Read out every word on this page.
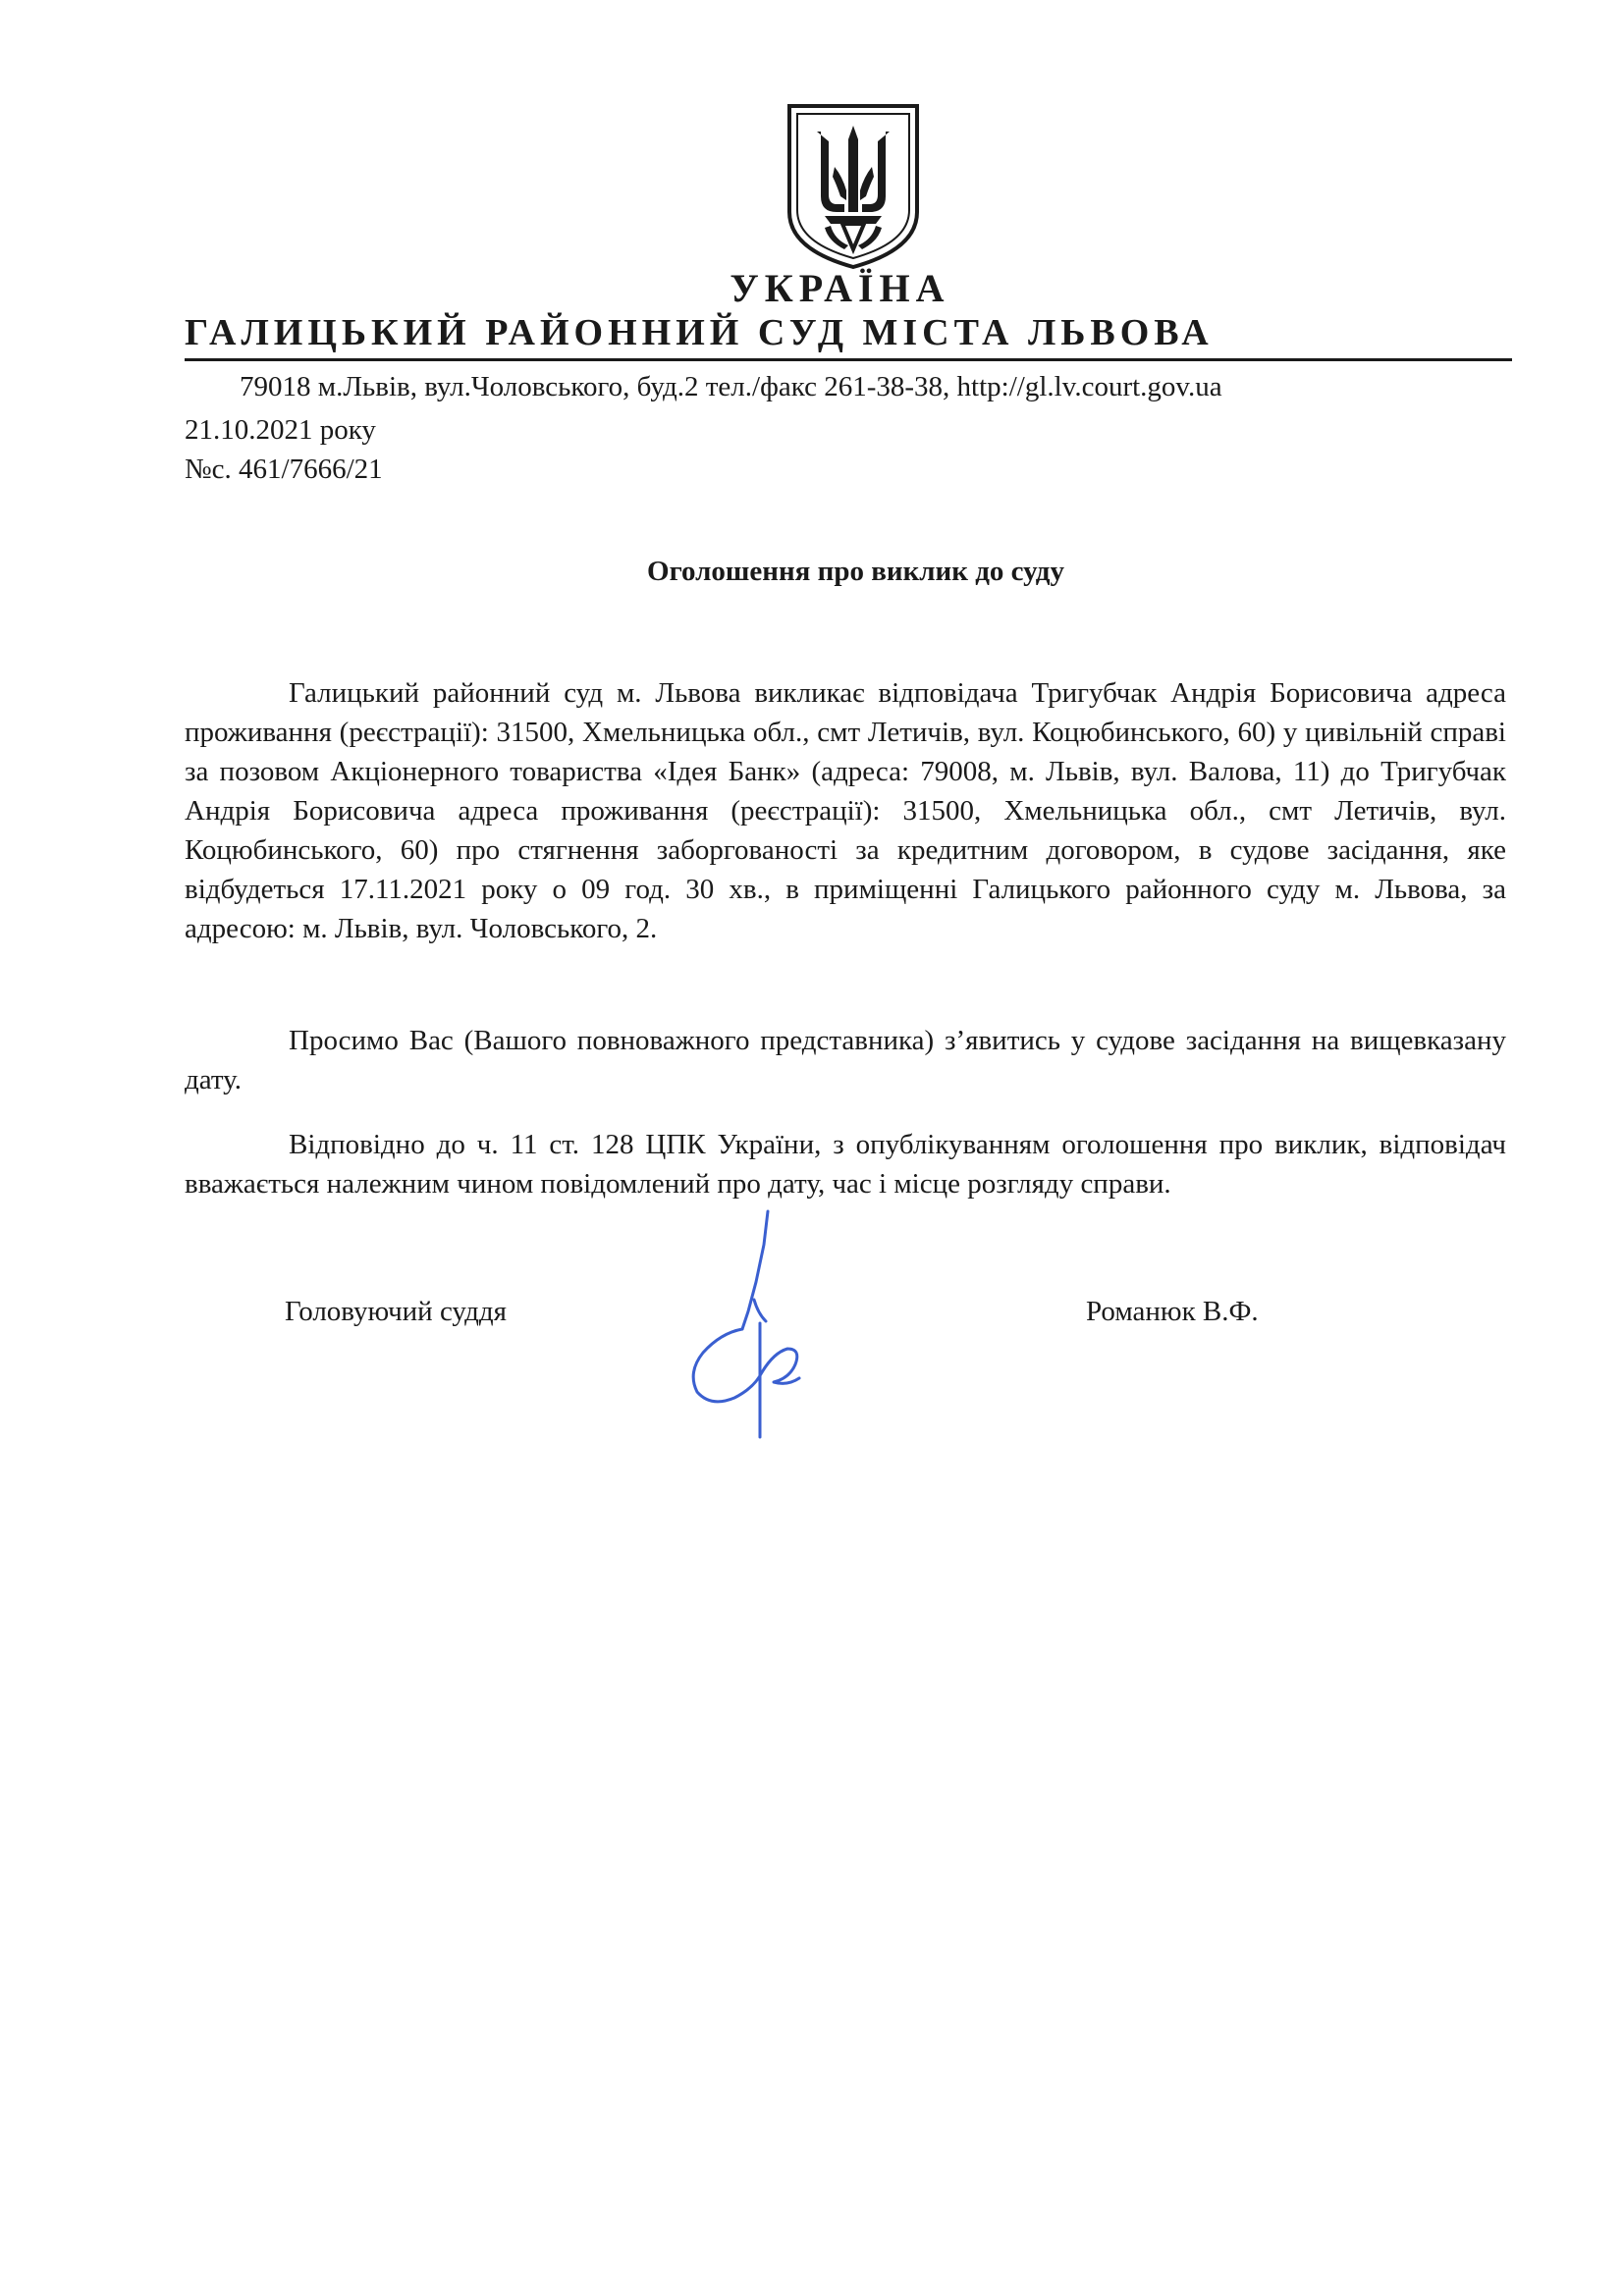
УКРАЇНА
ГАЛИЦЬКИЙ РАЙОННИЙ СУД МІСТА ЛЬВОВА
79018 м.Львів, вул.Чоловського, буд.2 тел./факс 261-38-38, http://gl.lv.court.gov.ua
21.10.2021 року
№с. 461/7666/21
Оголошення про виклик до суду

Галицький районний суд м. Львова викликає відповідача Тригубчак Андрія Борисовича адреса проживання (реєстрації): 31500, Хмельницька обл., смт Летичів, вул. Коцюбинського, 60) у цивільній справі за позовом Акціонерного товариства «Ідея Банк» (адреса: 79008, м. Львів, вул. Валова, 11) до Тригубчак Андрія Борисовича адреса проживання (реєстрації): 31500, Хмельницька обл., смт Летичів, вул. Коцюбинського, 60) про стягнення заборгованості за кредитним договором, в судове засідання, яке відбудеться 17.11.2021 року о 09 год. 30 хв., в приміщенні Галицького районного суду м. Львова, за адресою: м. Львів, вул. Чоловського, 2.

Просимо Вас (Вашого повноважного представника) з’явитись у судове засідання на вищевказану дату.

Відповідно до ч. 11 ст. 128 ЦПК України, з опублікуванням оголошення про виклик, відповідач вважається належним чином повідомлений про дату, час і місце розгляду справи.

Головуючий суддя	Романюк В.Ф.
